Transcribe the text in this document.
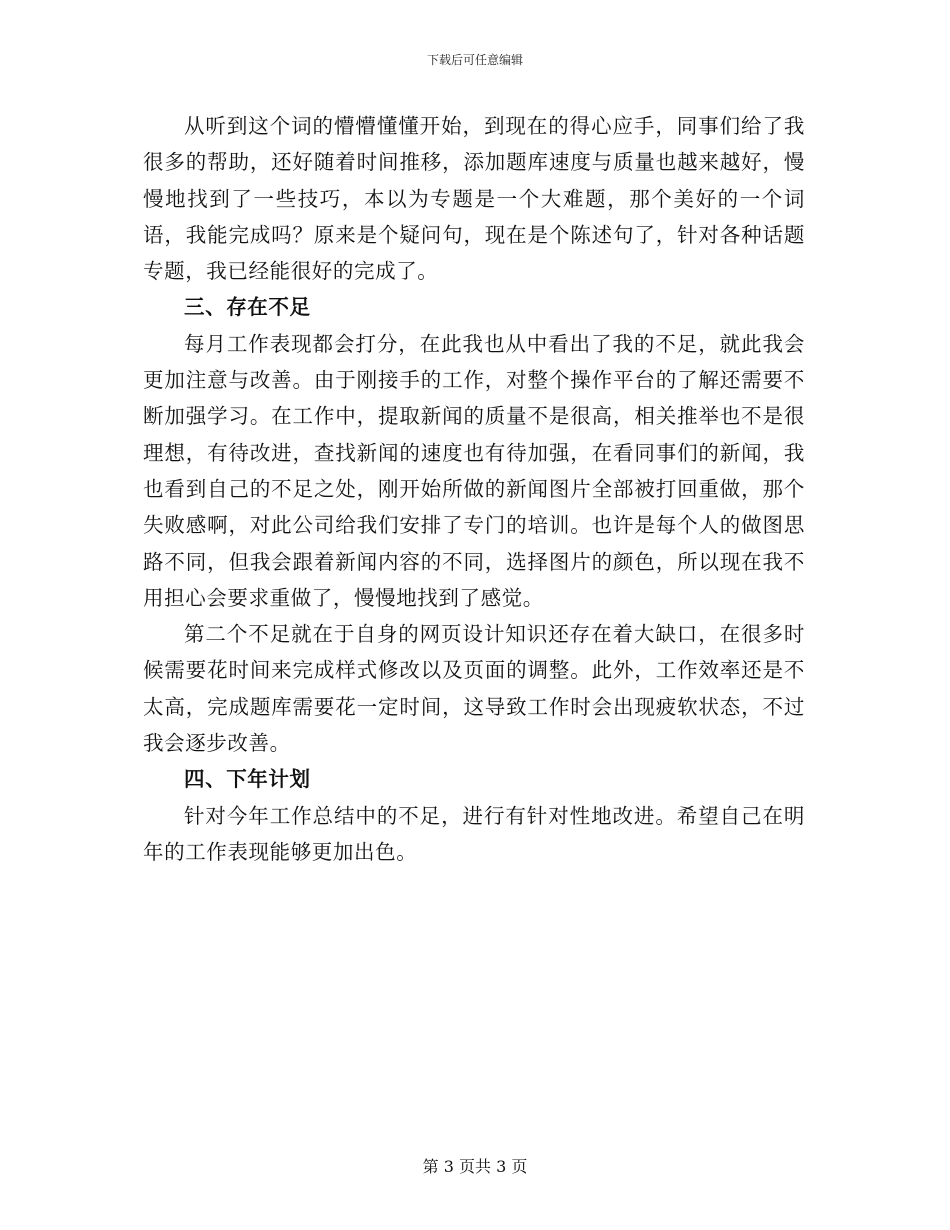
下载后可任意编辑

从听到这个词的懵懵懂懂开始，到现在的得心应手，同事们给了我很多的帮助，还好随着时间推移，添加题库速度与质量也越来越好，慢慢地找到了一些技巧，本以为专题是一个大难题，那个美好的一个词语，我能完成吗？原来是个疑问句，现在是个陈述句了，针对各种话题专题，我已经能很好的完成了。

三、存在不足

每月工作表现都会打分，在此我也从中看出了我的不足，就此我会更加注意与改善。由于刚接手的工作，对整个操作平台的了解还需要不断加强学习。在工作中，提取新闻的质量不是很高，相关推举也不是很理想，有待改进，查找新闻的速度也有待加强，在看同事们的新闻，我也看到自己的不足之处，刚开始所做的新闻图片全部被打回重做，那个失败感啊，对此公司给我们安排了专门的培训。也许是每个人的做图思路不同，但我会跟着新闻内容的不同，选择图片的颜色，所以现在我不用担心会要求重做了，慢慢地找到了感觉。

第二个不足就在于自身的网页设计知识还存在着大缺口，在很多时候需要花时间来完成样式修改以及页面的调整。此外，工作效率还是不太高，完成题库需要花一定时间，这导致工作时会出现疲软状态，不过我会逐步改善。

四、下年计划

针对今年工作总结中的不足，进行有针对性地改进。希望自己在明年的工作表现能够更加出色。

第 3 页共 3 页
